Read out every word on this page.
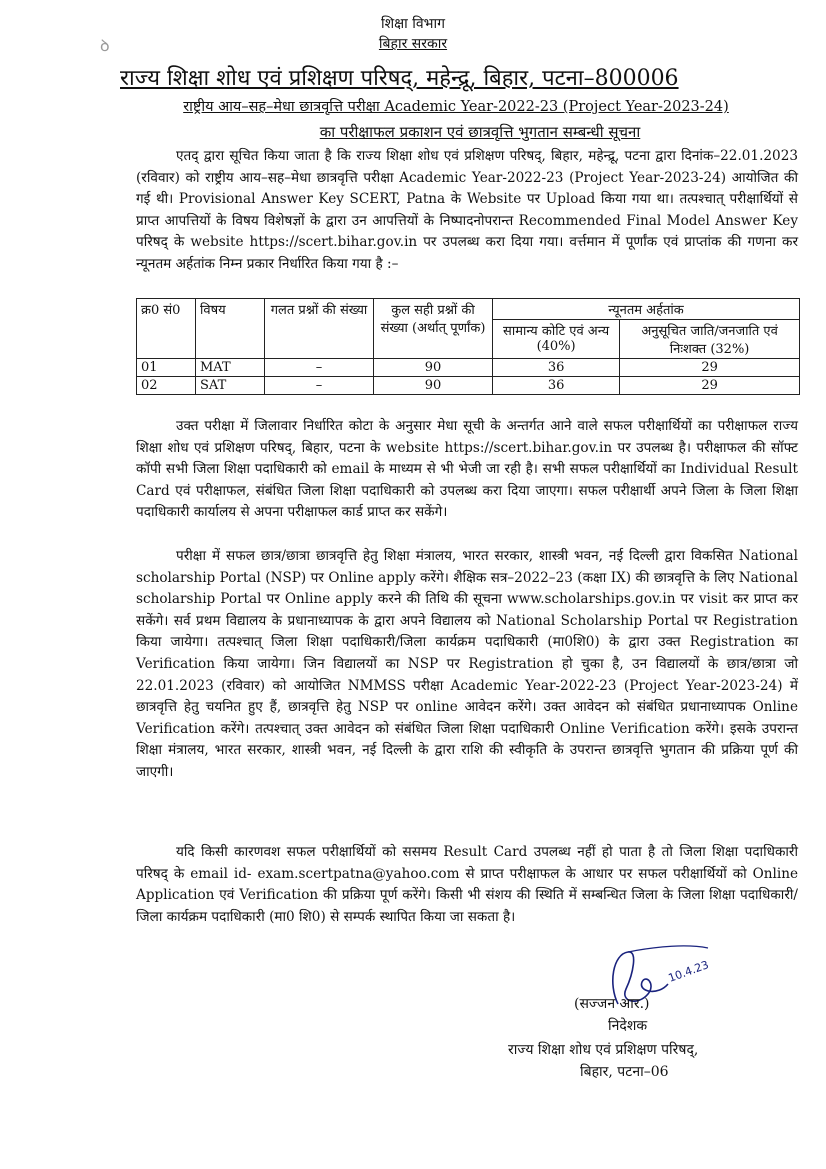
ꝺ
शिक्षा विभाग
बिहार सरकार
राज्य शिक्षा शोध एवं प्रशिक्षण परिषद्, महेन्द्रू, बिहार, पटना–800006
राष्ट्रीय आय–सह–मेधा छात्रवृत्ति परीक्षा Academic Year-2022-23 (Project Year-2023-24)
का परीक्षाफल प्रकाशन एवं छात्रवृत्ति भुगतान सम्बन्धी सूचना
एतद् द्वारा सूचित किया जाता है कि राज्य शिक्षा शोध एवं प्रशिक्षण परिषद्, बिहार, महेन्द्रू, पटना द्वारा दिनांक–22.01.2023 (रविवार) को राष्ट्रीय आय–सह–मेधा छात्रवृत्ति परीक्षा Academic Year-2022-23 (Project Year-2023-24) आयोजित की गई थी। Provisional Answer Key SCERT, Patna के Website पर Upload किया गया था। तत्पश्चात् परीक्षार्थियों से प्राप्त आपत्तियों के विषय विशेषज्ञों के द्वारा उन आपत्तियों के निष्पादनोपरान्त Recommended Final Model Answer Key परिषद् के website https://scert.bihar.gov.in पर उपलब्ध करा दिया गया। वर्त्तमान में पूर्णांक एवं प्राप्तांक की गणना कर न्यूनतम अर्हतांक निम्न प्रकार निर्धारित किया गया है :–
क्र0 सं0	विषय	गलत प्रश्नों की संख्या	कुल सही प्रश्नों की संख्या (अर्थात् पूर्णांक)	न्यूनतम अर्हतांक	
				सामान्य कोटि एवं अन्य (40%)	अनुसूचित जाति/जनजाति एवं निःशक्त (32%)
01	MAT	–	90	36	29
02	SAT	–	90	36	29
उक्त परीक्षा में जिलावार निर्धारित कोटा के अनुसार मेधा सूची के अन्तर्गत आने वाले सफल परीक्षार्थियों का परीक्षाफल राज्य शिक्षा शोध एवं प्रशिक्षण परिषद्, बिहार, पटना के website https://scert.bihar.gov.in पर उपलब्ध है। परीक्षाफल की सॉफ्ट कॉपी सभी जिला शिक्षा पदाधिकारी को email के माध्यम से भी भेजी जा रही है। सभी सफल परीक्षार्थियों का Individual Result Card एवं परीक्षाफल, संबंधित जिला शिक्षा पदाधिकारी को उपलब्ध करा दिया जाएगा। सफल परीक्षार्थी अपने जिला के जिला शिक्षा पदाधिकारी कार्यालय से अपना परीक्षाफल कार्ड प्राप्त कर सकेंगे।
परीक्षा में सफल छात्र/छात्रा छात्रवृत्ति हेतु शिक्षा मंत्रालय, भारत सरकार, शास्त्री भवन, नई दिल्ली द्वारा विकसित National scholarship Portal (NSP) पर Online apply करेंगे। शैक्षिक सत्र–2022–23 (कक्षा IX) की छात्रवृत्ति के लिए National scholarship Portal पर Online apply करने की तिथि की सूचना www.scholarships.gov.in पर visit कर प्राप्त कर सकेंगे। सर्व प्रथम विद्यालय के प्रधानाध्यापक के द्वारा अपने विद्यालय को National Scholarship Portal पर Registration किया जायेगा। तत्पश्चात् जिला शिक्षा पदाधिकारी/जिला कार्यक्रम पदाधिकारी (मा0शि0) के द्वारा उक्त Registration का Verification किया जायेगा। जिन विद्यालयों का NSP पर Registration हो चुका है, उन विद्यालयों के छात्र/छात्रा जो 22.01.2023 (रविवार) को आयोजित NMMSS परीक्षा Academic Year-2022-23 (Project Year-2023-24) में छात्रवृत्ति हेतु चयनित हुए हैं, छात्रवृत्ति हेतु NSP पर online आवेदन करेंगे। उक्त आवेदन को संबंधित प्रधानाध्यापक Online Verification करेंगे। तत्पश्चात् उक्त आवेदन को संबंधित जिला शिक्षा पदाधिकारी Online Verification करेंगे। इसके उपरान्त शिक्षा मंत्रालय, भारत सरकार, शास्त्री भवन, नई दिल्ली के द्वारा राशि की स्वीकृति के उपरान्त छात्रवृत्ति भुगतान की प्रक्रिया पूर्ण की जाएगी।
यदि किसी कारणवश सफल परीक्षार्थियों को ससमय Result Card उपलब्ध नहीं हो पाता है तो जिला शिक्षा पदाधिकारी परिषद् के email id- exam.scertpatna@yahoo.com से प्राप्त परीक्षाफल के आधार पर सफल परीक्षार्थियों को Online Application एवं Verification की प्रक्रिया पूर्ण करेंगे। किसी भी संशय की स्थिति में सम्बन्धित जिला के जिला शिक्षा पदाधिकारी/जिला कार्यक्रम पदाधिकारी (मा0 शि0) से सम्पर्क स्थापित किया जा सकता है।
10.4.23
(सज्जन आर.)
निदेशक
राज्य शिक्षा शोध एवं प्रशिक्षण परिषद्,
बिहार, पटना–06
